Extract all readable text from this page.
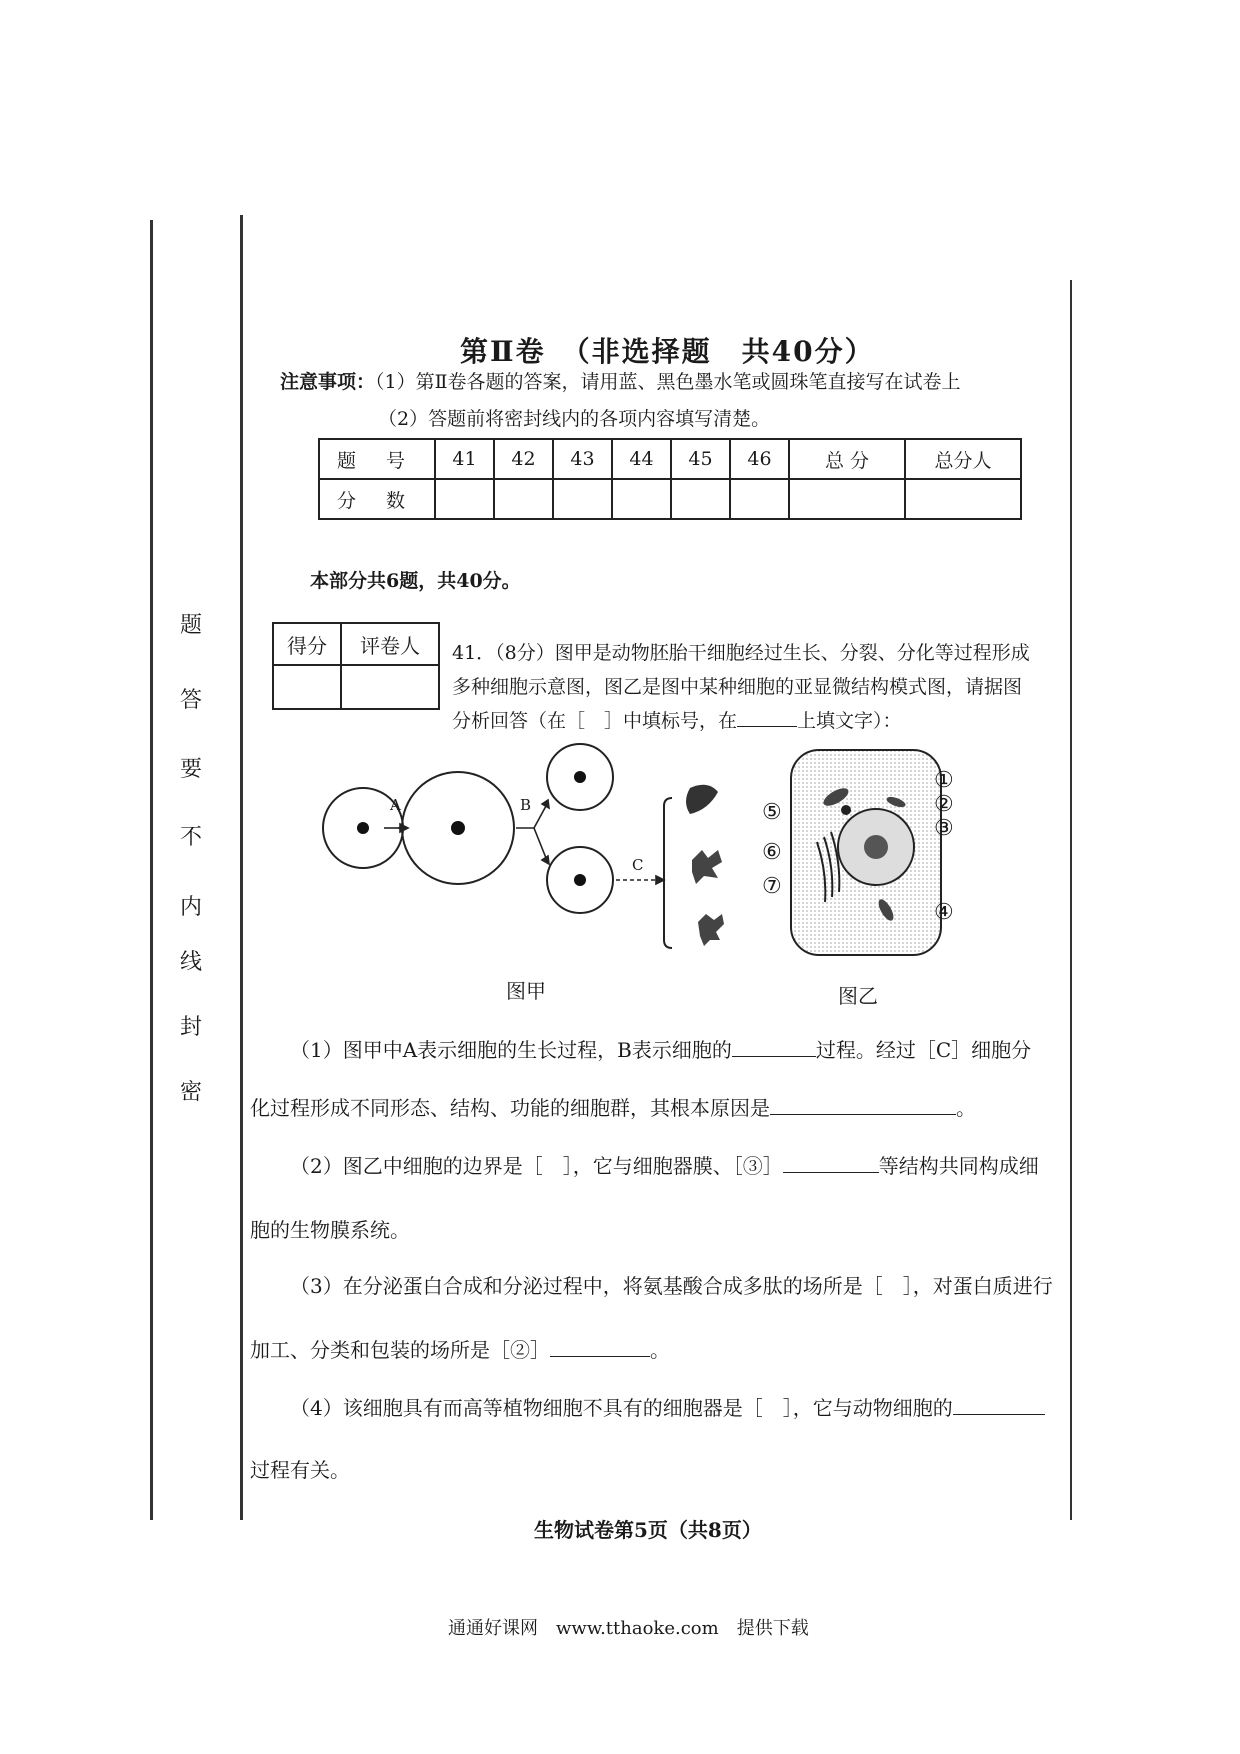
题
答
要
不
内
线
封
密
第Ⅱ卷　（非选择题　共40分）
注意事项：（1）第Ⅱ卷各题的答案，请用蓝、黑色墨水笔或圆珠笔直接写在试卷上
（2）答题前将密封线内的各项内容填写清楚。
题 号	41	42	43	44	45	46	总 分	总分人
分 数								
本部分共6题，共40分。
得分	评卷人
	41．（8分）图甲是动物胚胎干细胞经过生长、分裂、分化等过程形成
多种细胞示意图，图乙是图中某种细胞的亚显微结构模式图，请据图
分析回答（在［　］中填标号，在	上填文字）：
A	B
C
图甲
①
②
③
④
⑤
⑥
⑦
图乙
（1）图甲中A表示细胞的生长过程，B表示细胞的	过程。经过［C］细胞分
化过程形成不同形态、结构、功能的细胞群，其根本原因是	。
（2）图乙中细胞的边界是［　］，它与细胞器膜、［③］	等结构共同构成细
胞的生物膜系统。
（3）在分泌蛋白合成和分泌过程中，将氨基酸合成多肽的场所是［　］，对蛋白质进行
加工、分类和包装的场所是［②］	。
（4）该细胞具有而高等植物细胞不具有的细胞器是［　］，它与动物细胞的
过程有关。
生物试卷第5页（共8页）
通通好课网　www.tthaoke.com　提供下载
